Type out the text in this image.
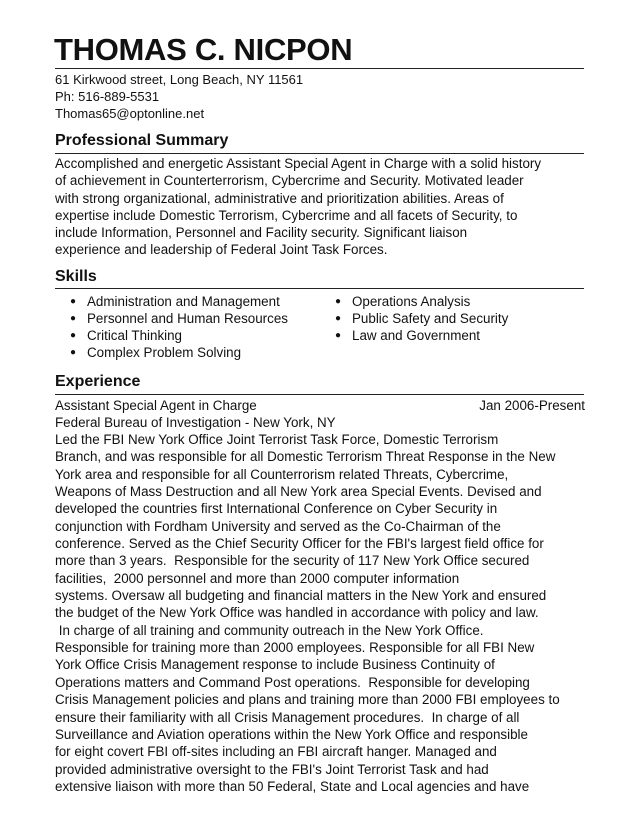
THOMAS C. NICPON
61 Kirkwood street, Long Beach, NY 11561
Ph: 516-889-5531
Thomas65@optonline.net
Professional Summary
Accomplished and energetic Assistant Special Agent in Charge with a solid history
of achievement in Counterterrorism, Cybercrime and Security. Motivated leader
with strong organizational, administrative and prioritization abilities. Areas of
expertise include Domestic Terrorism, Cybercrime and all facets of Security, to
include Information, Personnel and Facility security. Significant liaison
experience and leadership of Federal Joint Task Forces.
Skills
● Administration and Management
● Personnel and Human Resources
● Critical Thinking
● Complex Problem Solving
● Operations Analysis
● Public Safety and Security
● Law and Government
Experience
Assistant Special Agent in Charge	Jan 2006-Present
Federal Bureau of Investigation - New York, NY
Led the FBI New York Office Joint Terrorist Task Force, Domestic Terrorism
Branch, and was responsible for all Domestic Terrorism Threat Response in the New
York area and responsible for all Counterrorism related Threats, Cybercrime,
Weapons of Mass Destruction and all New York area Special Events. Devised and
developed the countries first International Conference on Cyber Security in
conjunction with Fordham University and served as the Co-Chairman of the
conference. Served as the Chief Security Officer for the FBI's largest field office for
more than 3 years.  Responsible for the security of 117 New York Office secured
facilities,  2000 personnel and more than 2000 computer information
systems. Oversaw all budgeting and financial matters in the New York and ensured
the budget of the New York Office was handled in accordance with policy and law.
In charge of all training and community outreach in the New York Office.
Responsible for training more than 2000 employees. Responsible for all FBI New
York Office Crisis Management response to include Business Continuity of
Operations matters and Command Post operations.  Responsible for developing
Crisis Management policies and plans and training more than 2000 FBI employees to
ensure their familiarity with all Crisis Management procedures.  In charge of all
Surveillance and Aviation operations within the New York Office and responsible
for eight covert FBI off-sites including an FBI aircraft hanger. Managed and
provided administrative oversight to the FBI's Joint Terrorist Task and had
extensive liaison with more than 50 Federal, State and Local agencies and have
